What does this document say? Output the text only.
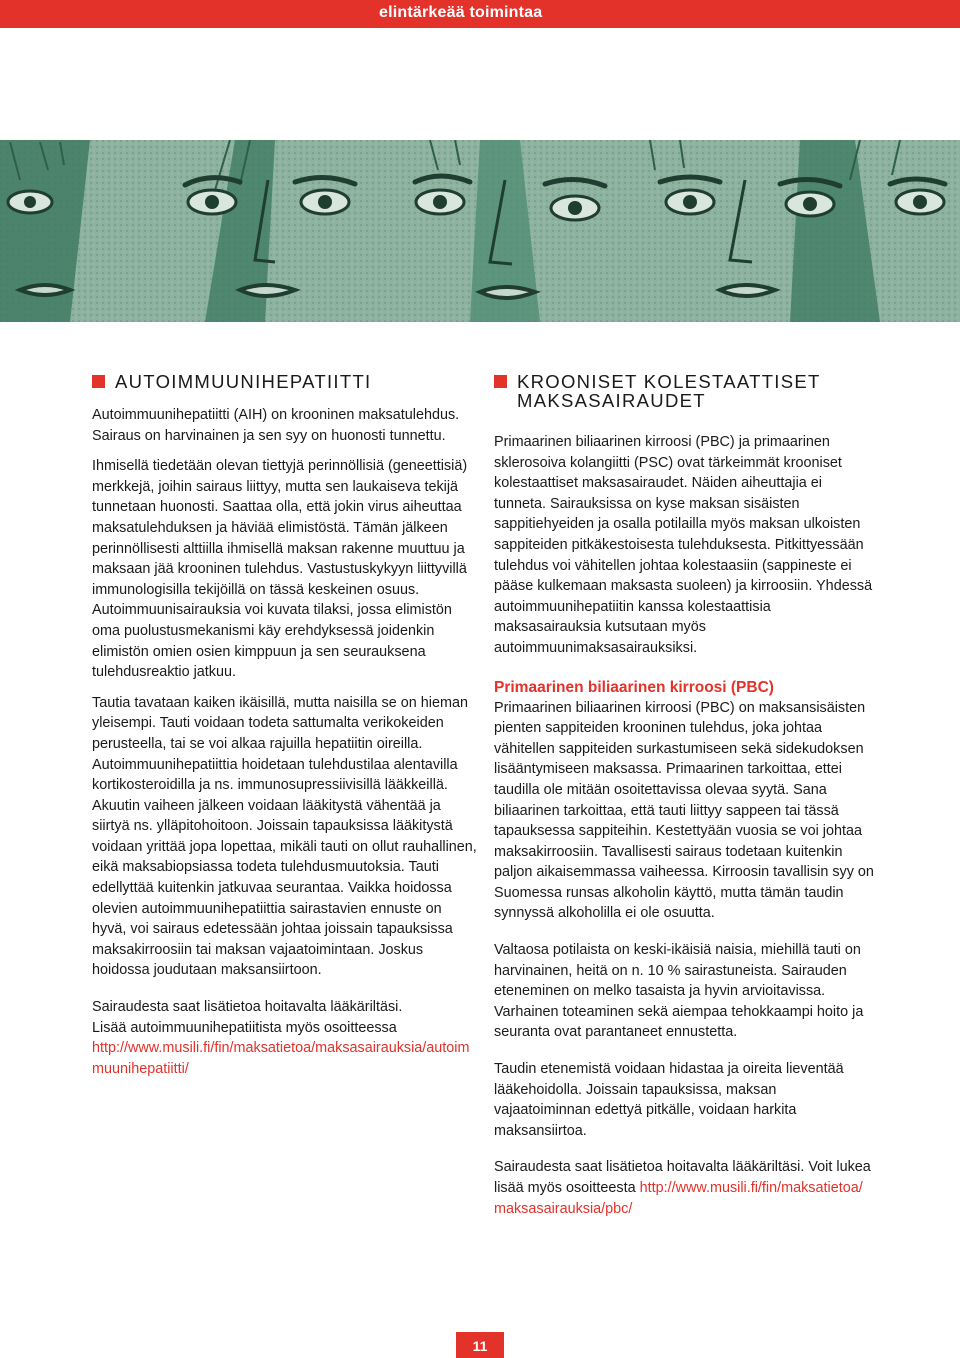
elintärkeää toimintaa
AUTOIMMUUNIHEPATIITTI

Autoimmuunihepatiitti (AIH) on krooninen maksatulehdus. Sairaus on harvinainen ja sen syy on huonosti tunnettu.

Ihmisellä tiedetään olevan tiettyjä perinnöllisiä (geneettisiä) merkkejä, joihin sairaus liittyy, mutta sen laukaiseva tekijä tunnetaan huonosti. Saattaa olla, että jokin virus aiheuttaa maksatulehduksen ja häviää elimistöstä. Tämän jälkeen perinnöllisesti alttiilla ihmisellä maksan rakenne muuttuu ja maksaan jää krooninen tulehdus. Vastustuskykyyn liittyvillä immunologisilla tekijöillä on tässä keskeinen osuus. Autoimmuunisairauksia voi kuvata tilaksi, jossa elimistön oma puolustusmekanismi käy erehdyksessä joidenkin elimistön omien osien kimppuun ja sen seurauksena tulehdusreaktio jatkuu.

Tautia tavataan kaiken ikäisillä, mutta naisilla se on hieman yleisempi. Tauti voidaan todeta sattumalta verikokeiden perusteella, tai se voi alkaa rajuilla hepatiitin oireilla. Autoimmuunihepatiittia hoidetaan tulehdustilaa alentavilla kortikosteroidilla ja ns. immunosupressiivisillä lääkkeillä. Akuutin vaiheen jälkeen voidaan lääkitystä vähentää ja siirtyä ns. ylläpitohoitoon. Joissain tapauksissa lääkitystä voidaan yrittää jopa lopettaa, mikäli tauti on ollut rauhallinen, eikä maksabiopsiassa todeta tulehdusmuutoksia. Tauti edellyttää kuitenkin jatkuvaa seurantaa. Vaikka hoidossa olevien autoimmuunihepatiittia sairastavien ennuste on hyvä, voi sairaus edetessään johtaa joissain tapauksissa maksakirroosiin tai maksan vajaatoimintaan. Joskus hoidossa joudutaan maksansiirtoon.

Sairaudesta saat lisätietoa hoitavalta lääkäriltäsi.
Lisää autoimmuunihepatiitista myös osoitteessa
http://www.musili.fi/fin/maksatietoa/maksasairauksia/autoimmuunihepatiitti/

KROONISET KOLESTAATTISET MAKSASAIRAUDET

Primaarinen biliaarinen kirroosi (PBC) ja primaarinen sklerosoiva kolangiitti (PSC) ovat tärkeimmät krooniset kolestaattiset maksasairaudet. Näiden aiheuttajia ei tunneta. Sairauksissa on kyse maksan sisäisten sappitiehyeiden ja osalla potilailla myös maksan ulkoisten sappiteiden pitkäkestoisesta tulehduksesta. Pitkittyessään tulehdus voi vähitellen johtaa kolestaasiin (sappineste ei pääse kulkemaan maksasta suoleen) ja kirroosiin. Yhdessä autoimmuunihepatiitin kanssa kolestaattisia maksasairauksia kutsutaan myös autoimmuunimaksasairauksiksi.

Primaarinen biliaarinen kirroosi (PBC)

Primaarinen biliaarinen kirroosi (PBC) on maksansisäisten pienten sappiteiden krooninen tulehdus, joka johtaa vähitellen sappiteiden surkastumiseen sekä sidekudoksen lisääntymiseen maksassa. Primaarinen tarkoittaa, ettei taudilla ole mitään osoitettavissa olevaa syytä. Sana biliaarinen tarkoittaa, että tauti liittyy sappeen tai tässä tapauksessa sappiteihin. Kestettyään vuosia se voi johtaa maksakirroosiin. Tavallisesti sairaus todetaan kuitenkin paljon aikaisemmassa vaiheessa. Kirroosin tavallisin syy on Suomessa runsas alkoholin käyttö, mutta tämän taudin synnyssä alkoholilla ei ole osuutta.

Valtaosa potilaista on keski-ikäisiä naisia, miehillä tauti on harvinainen, heitä on n. 10 % sairastuneista. Sairauden eteneminen on melko tasaista ja hyvin arvioitavissa. Varhainen toteaminen sekä aiempaa tehokkaampi hoito ja seuranta ovat parantaneet ennustetta.

Taudin etenemistä voidaan hidastaa ja oireita lieventää lääkehoidolla. Joissain tapauksissa, maksan vajaatoiminnan edettyä pitkälle, voidaan harkita maksansiirtoa.

Sairaudesta saat lisätietoa hoitavalta lääkäriltäsi. Voit lukea lisää myös osoitteesta http://www.musili.fi/fin/maksatietoa/maksasairauksia/pbc/

11
